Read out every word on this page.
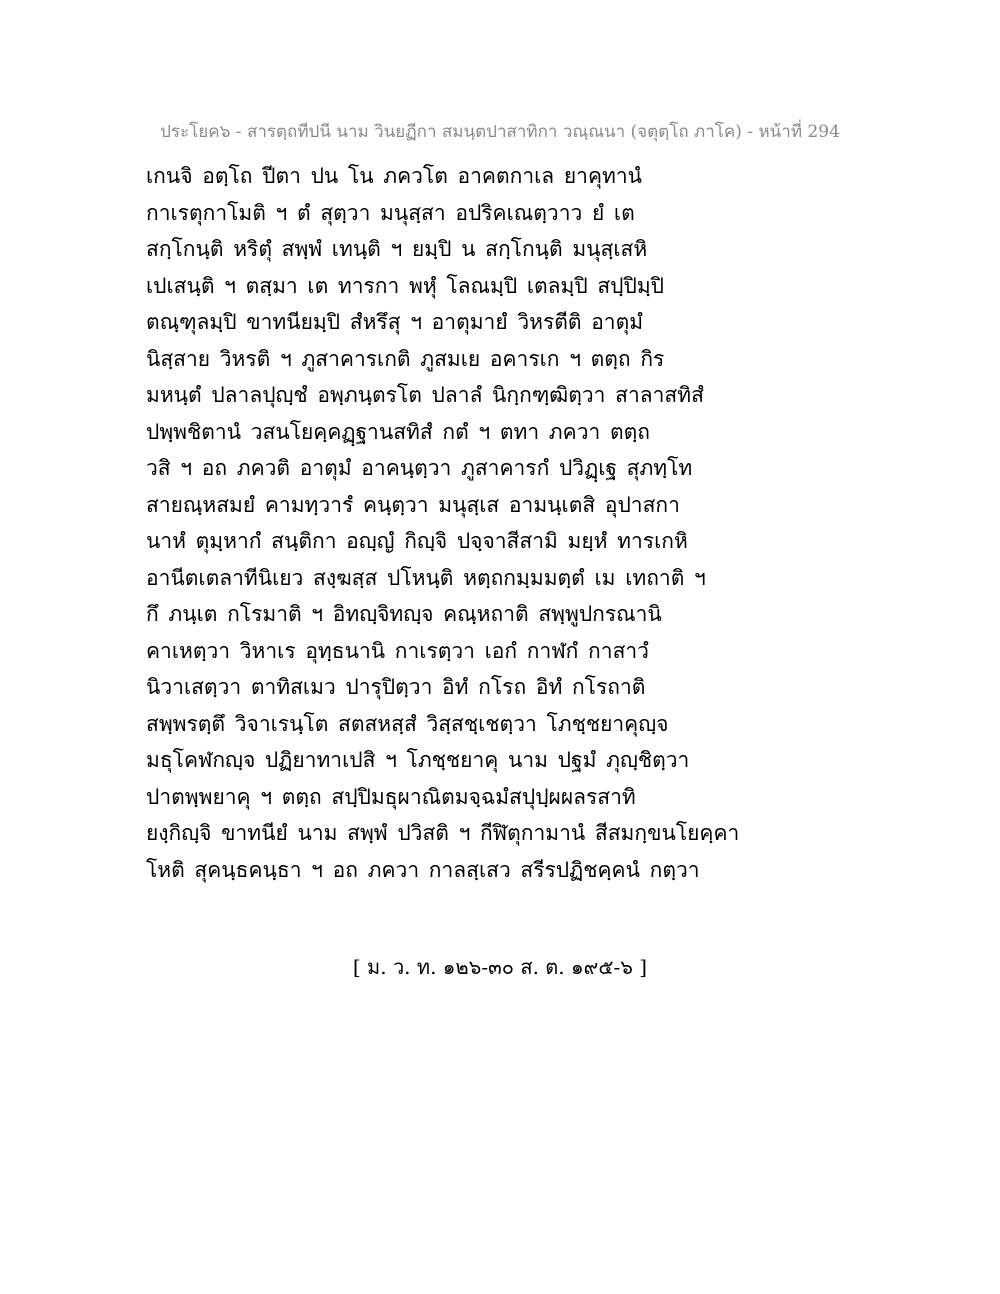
ประโยค๖ - สารตฺถทีปนี นาม วินยฏีกา สมนฺตปาสาทิกา วณฺณนา (จตุตฺโถ ภาโค) - หน้าที่ 294
เกนจิ อตฺโถ ปีตา ปน โน ภควโต อาคตกาเล ยาคุทานํ
กาเรตุกาโมติ ฯ ตํ สุตฺวา มนุสฺสา อปริคเณตฺวาว ยํ เต
สกฺโกนฺติ หริตุํ สพฺพํ เทนฺติ ฯ ยมฺปิ น สกฺโกนฺติ มนุสฺเสหิ
เปเสนฺติ ฯ ตสฺมา เต ทารกา พหุํ โลณมฺปิ เตลมฺปิ สปฺปิมฺปิ
ตณฺฑุลมฺปิ ขาทนียมฺปิ สํหรึสุ ฯ อาตุมายํ วิหรตีติ อาตุมํ
นิสฺสาย วิหรติ ฯ ภูสาคารเกติ ภูสมเย อคารเก ฯ ตตฺถ กิร
มหนฺตํ ปลาลปุญฺชํ อพฺภนฺตรโต ปลาลํ นิกฺกฑฺฒิตฺวา สาลาสทิสํ
ปพฺพชิตานํ วสนโยคฺคฏฺฐานสทิสํ กตํ ฯ ตทา ภควา ตตฺถ
วสิ ฯ อถ ภควติ อาตุมํ อาคนฺตฺวา ภูสาคารกํ ปวิฏฺเฐ สุภทฺโท
สายณฺหสมยํ คามทฺวารํ คนฺตฺวา มนุสฺเส อามนฺเตสิ อุปาสกา
นาหํ ตุมฺหากํ สนฺติกา อญฺญํ กิญฺจิ ปจฺจาสีสามิ มยฺหํ ทารเกหิ
อานีตเตลาทีนิเยว สงฺฆสฺส ปโหนฺติ หตฺถกมฺมมตฺตํ เม เทถาติ ฯ
กึ ภนฺเต กโรมาติ ฯ อิทญฺจิทญฺจ คณฺหถาติ สพฺพูปกรณานิ
คาเหตฺวา วิหาเร อุทฺธนานิ กาเรตฺวา เอกํ กาฬกํ กาสาวํ
นิวาเสตฺวา ตาทิสเมว ปารุปิตฺวา อิทํ กโรถ อิทํ กโรถาติ
สพฺพรตฺตึ วิจาเรนฺโต สตสหสฺสํ วิสฺสชฺเชตฺวา โภชฺชยาคุญฺจ
มธุโคฬกญฺจ ปฏิยาทาเปสิ ฯ โภชฺชยาคุ นาม ปฐมํ ภุญฺชิตฺวา
ปาตพฺพยาคุ ฯ ตตฺถ สปฺปิมธุผาณิตมจฺฉมํสปุปฺผผลรสาทิ
ยงฺกิญฺจิ ขาทนียํ นาม สพฺพํ ปวิสติ ฯ กีฬิตุกามานํ สีสมกฺขนโยคฺคา
โหติ สุคนฺธคนฺธา ฯ อถ ภควา กาลสฺเสว สรีรปฏิชคฺคนํ กตฺวา
[ ม. ว. ท. ๑๒๖-๓๐ ส. ต. ๑๙๕-๖ ]
